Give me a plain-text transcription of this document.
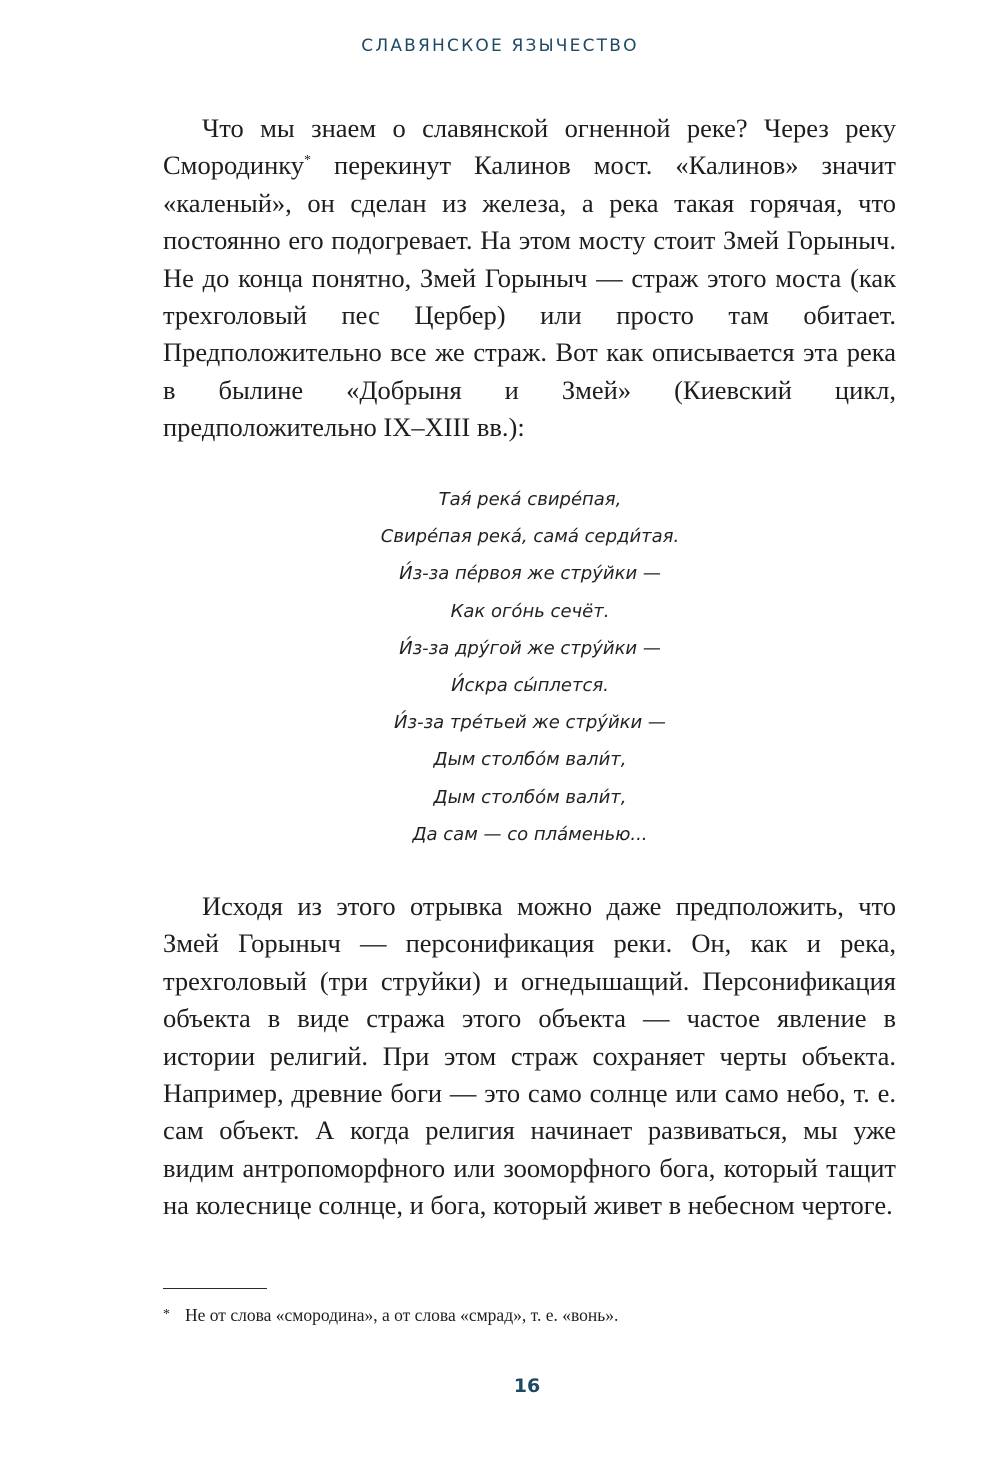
СЛАВЯНСКОЕ ЯЗЫЧЕСТВО

Что мы знаем о славянской огненной реке? Через реку Смородинку* перекинут Калинов мост. «Калинов» значит «каленый», он сделан из железа, а река такая горячая, что постоянно его подогревает. На этом мосту стоит Змей Горыныч. Не до конца понятно, Змей Горыныч — страж этого моста (как трехголовый пес Цербер) или просто там обитает. Предположительно все же страж. Вот как описывается эта река в былине «Добрыня и Змей» (Киевский цикл, предположительно IX–XIII вв.):

Тая́ река́ свире́пая,
Свире́пая река́, сама́ серди́тая.
И́з-за пе́рвоя же стру́йки —
Как ого́нь сечёт.
И́з-за дру́гой же стру́йки —
И́скра сы́плется.
И́з-за тре́тьей же стру́йки —
Дым столбо́м вали́т,
Дым столбо́м вали́т,
Да сам — со пла́менью...

Исходя из этого отрывка можно даже предположить, что Змей Горыныч — персонификация реки. Он, как и река, трехголовый (три струйки) и огнедышащий. Персонификация объекта в виде стража этого объекта — частое явление в истории религий. При этом страж сохраняет черты объекта. Например, древние боги — это само солнце или само небо, т. е. сам объект. А когда религия начинает развиваться, мы уже видим антропоморфного или зооморфного бога, который тащит на колеснице солнце, и бога, который живет в небесном чертоге.

* Не от слова «смородина», а от слова «смрад», т. е. «вонь».
16
